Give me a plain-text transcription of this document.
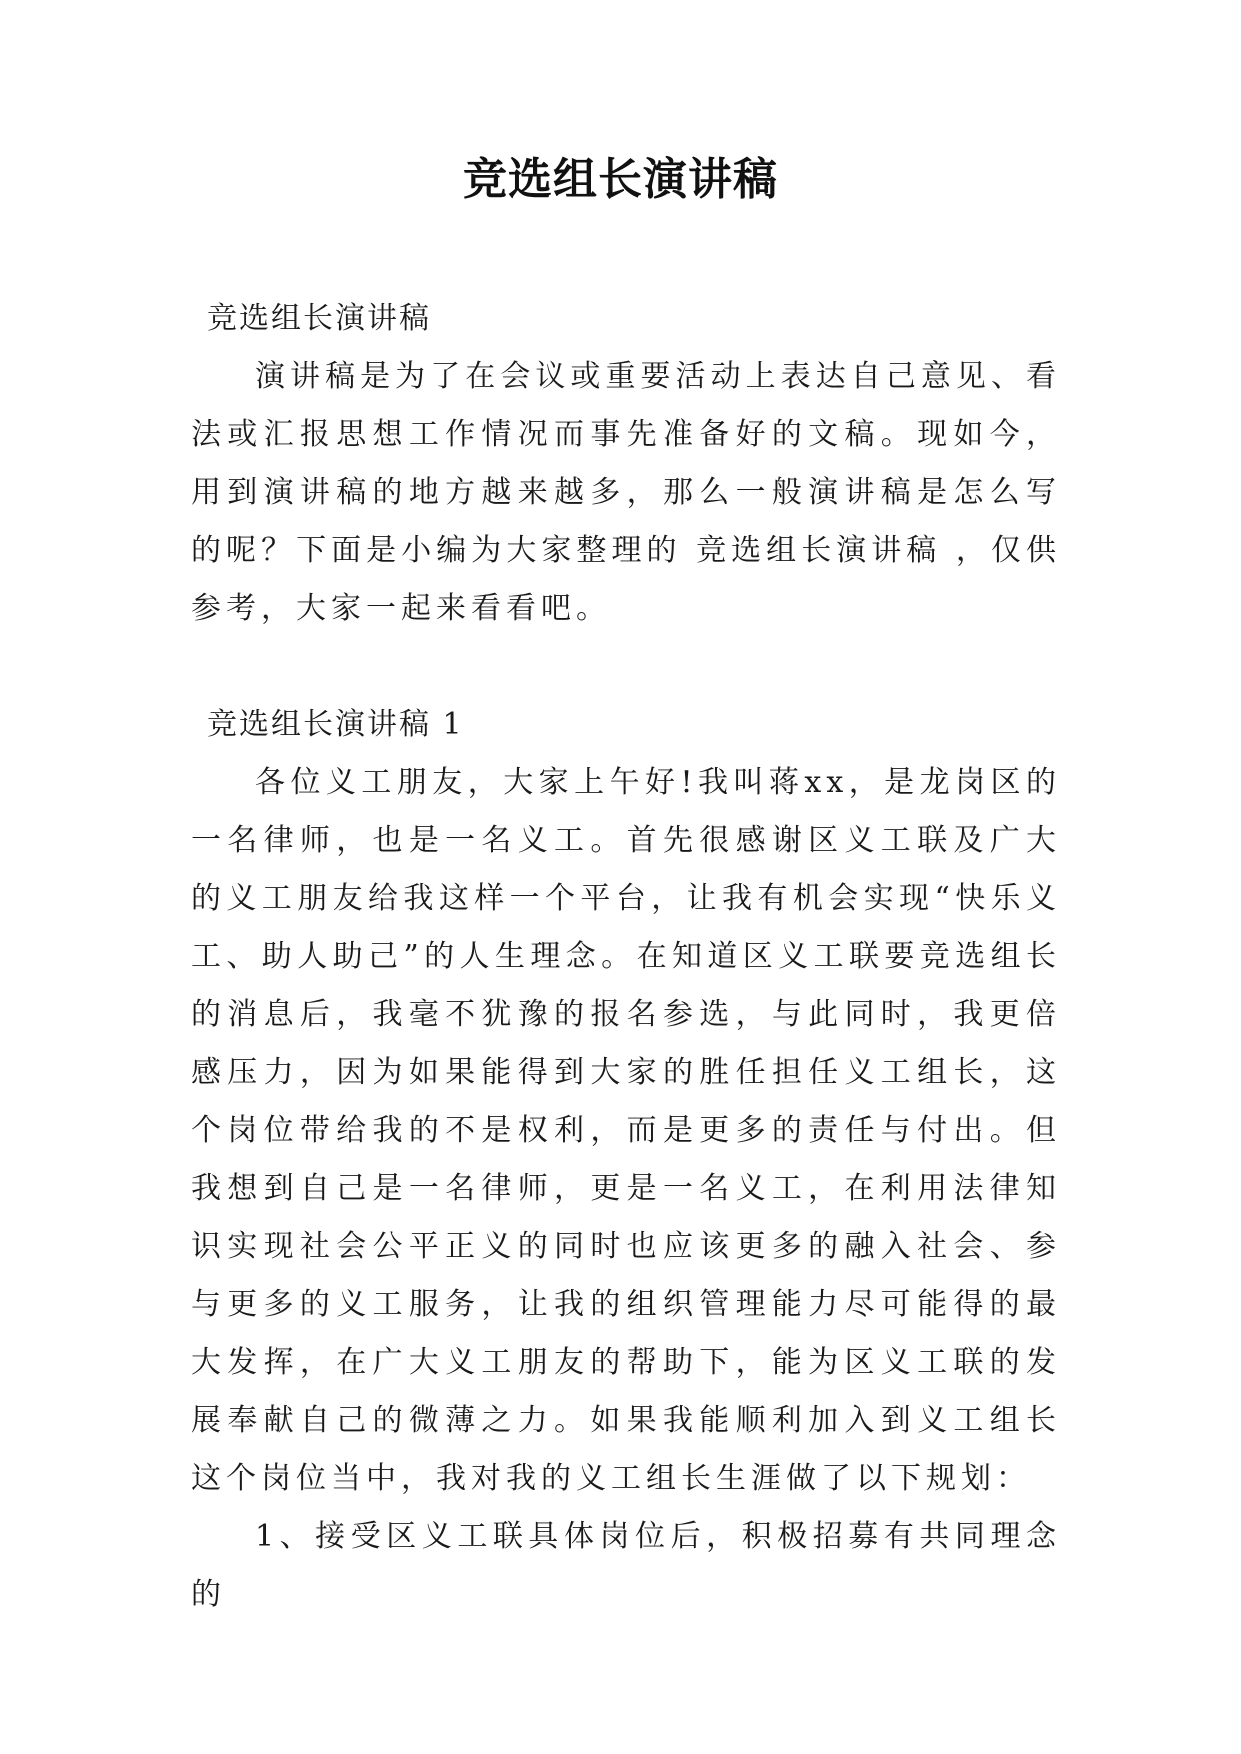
竞选组长演讲稿

竞选组长演讲稿

演讲稿是为了在会议或重要活动上表达自己意见、看法或汇报思想工作情况而事先准备好的文稿。现如今，用到演讲稿的地方越来越多，那么一般演讲稿是怎么写的呢？下面是小编为大家整理的 竞选组长演讲稿 ，仅供参考，大家一起来看看吧。

竞选组长演讲稿 1

各位义工朋友，大家上午好!我叫蒋xx，是龙岗区的一名律师，也是一名义工。首先很感谢区义工联及广大的义工朋友给我这样一个平台，让我有机会实现“快乐义工、助人助己”的人生理念。在知道区义工联要竞选组长的消息后，我毫不犹豫的报名参选，与此同时，我更倍感压力，因为如果能得到大家的胜任担任义工组长，这个岗位带给我的不是权利，而是更多的责任与付出。但我想到自己是一名律师，更是一名义工，在利用法律知识实现社会公平正义的同时也应该更多的融入社会、参与更多的义工服务，让我的组织管理能力尽可能得的最大发挥，在广大义工朋友的帮助下，能为区义工联的发展奉献自己的微薄之力。如果我能顺利加入到义工组长这个岗位当中，我对我的义工组长生涯做了以下规划：

1、接受区义工联具体岗位后，积极招募有共同理念的
